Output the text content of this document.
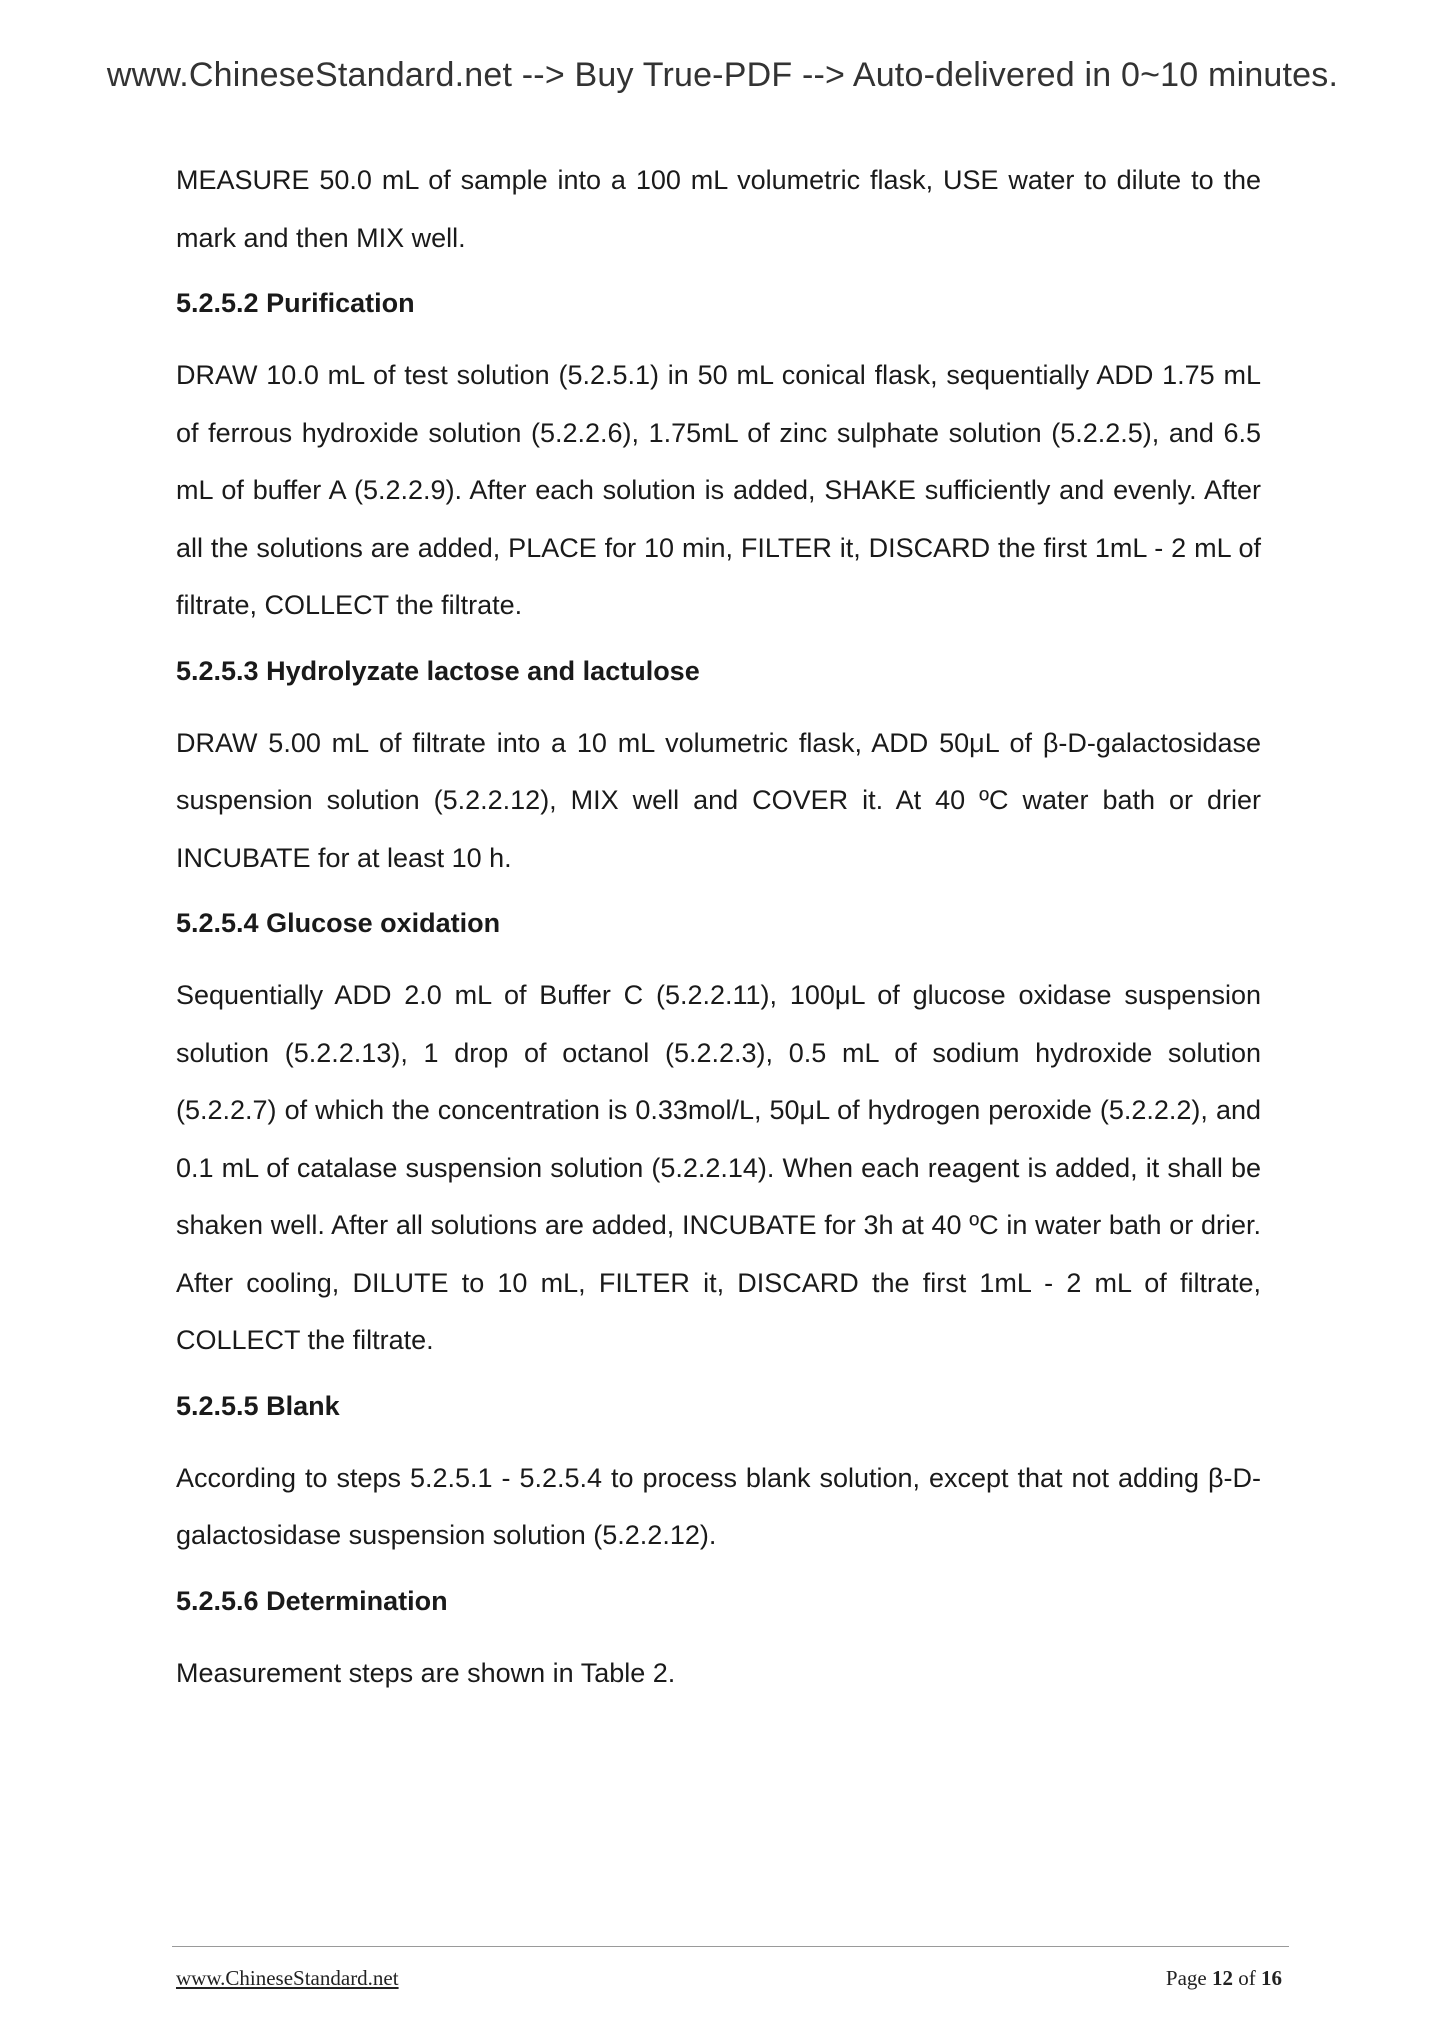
www.ChineseStandard.net --> Buy True-PDF --> Auto-delivered in 0~10 minutes.

MEASURE 50.0 mL of sample into a 100 mL volumetric flask, USE water to dilute to the mark and then MIX well.

5.2.5.2 Purification

DRAW 10.0 mL of test solution (5.2.5.1) in 50 mL conical flask, sequentially ADD 1.75 mL of ferrous hydroxide solution (5.2.2.6), 1.75mL of zinc sulphate solution (5.2.2.5), and 6.5 mL of buffer A (5.2.2.9). After each solution is added, SHAKE sufficiently and evenly. After all the solutions are added, PLACE for 10 min, FILTER it, DISCARD the first 1mL - 2 mL of filtrate, COLLECT the filtrate.

5.2.5.3 Hydrolyzate lactose and lactulose

DRAW 5.00 mL of filtrate into a 10 mL volumetric flask, ADD 50μL of β-D-galactosidase suspension solution (5.2.2.12), MIX well and COVER it. At 40 ºC water bath or drier INCUBATE for at least 10 h.

5.2.5.4 Glucose oxidation

Sequentially ADD 2.0 mL of Buffer C (5.2.2.11), 100μL of glucose oxidase suspension solution (5.2.2.13), 1 drop of octanol (5.2.2.3), 0.5 mL of sodium hydroxide solution (5.2.2.7) of which the concentration is 0.33mol/L, 50μL of hydrogen peroxide (5.2.2.2), and 0.1 mL of catalase suspension solution (5.2.2.14). When each reagent is added, it shall be shaken well. After all solutions are added, INCUBATE for 3h at 40 ºC in water bath or drier. After cooling, DILUTE to 10 mL, FILTER it, DISCARD the first 1mL - 2 mL of filtrate, COLLECT the filtrate.

5.2.5.5 Blank

According to steps 5.2.5.1 - 5.2.5.4 to process blank solution, except that not adding β-D-galactosidase suspension solution (5.2.2.12).

5.2.5.6 Determination

Measurement steps are shown in Table 2.

www.ChineseStandard.net	Page 12 of 16
